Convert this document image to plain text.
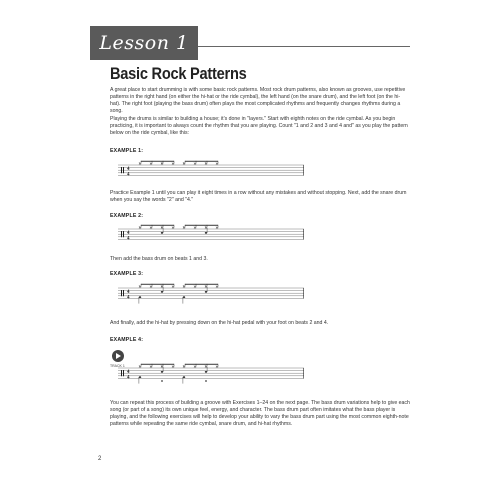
Lesson 1
Basic Rock Patterns

A great place to start drumming is with some basic rock patterns. Most rock drum patterns, also known as grooves, use repetitive patterns in the right hand (on either the hi-hat or the ride cymbal), the left hand (on the snare drum), and the left foot (on the hi-hat). The right foot (playing the bass drum) often plays the most complicated rhythms and frequently changes rhythms during a song.

Playing the drums is similar to building a house; it's done in "layers." Start with eighth notes on the ride cymbal. As you begin practicing, it is important to always count the rhythm that you are playing. Count "1 and 2 and 3 and 4 and" as you play the pattern below on the ride cymbal, like this:

EXAMPLE 1:
4
4
1	+	2	+	3	+	4	+

Practice Example 1 until you can play it eight times in a row without any mistakes and without stopping. Next, add the snare drum when you say the words "2" and "4."

EXAMPLE 2:
4
4
1	+	2	+	3	+	4	+

Then add the bass drum on beats 1 and 3.

EXAMPLE 3:
4
4
1	+	2	+	3	+	4	+

And finally, add the hi-hat by pressing down on the hi-hat pedal with your foot on beats 2 and 4.

EXAMPLE 4:
TRACK 1
4
4
1	+	2	+	3	+	4	+

You can repeat this process of building a groove with Exercises 1–24 on the next page. The bass drum variations help to give each song (or part of a song) its own unique feel, energy, and character. The bass drum part often imitates what the bass player is playing, and the following exercises will help to develop your ability to vary the bass drum part using the most common eighth-note patterns while repeating the same ride cymbal, snare drum, and hi-hat rhythms.

2
